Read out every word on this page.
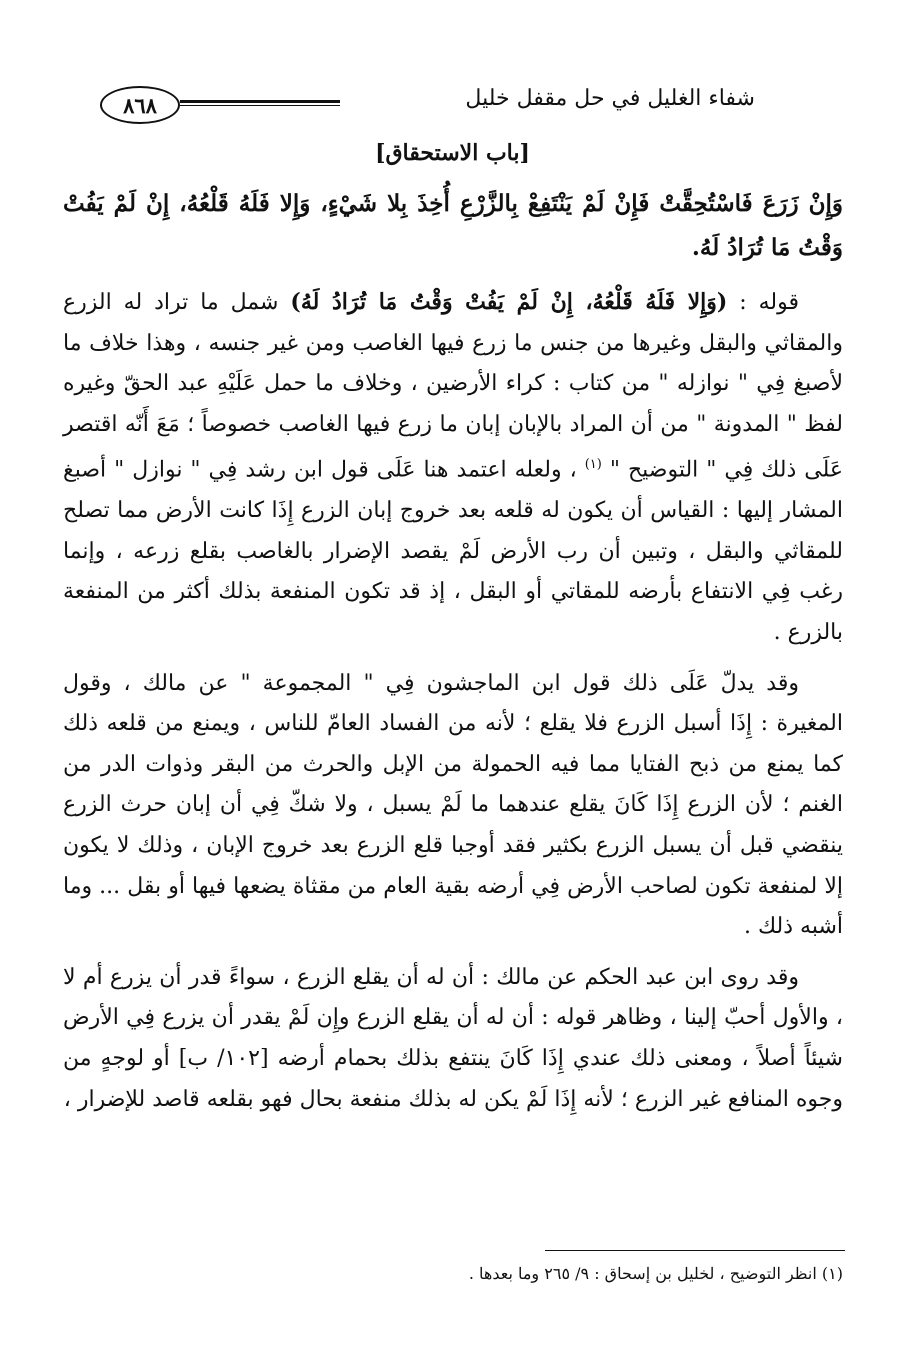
٨٦٨	شفاء الغليل في حل مقفل خليل
[باب الاستحقاق]
وَإِنْ زَرَعَ فَاسْتُحِقَّتْ فَإِنْ لَمْ يَنْتَفِعْ بِالزَّرْعِ أُخِذَ بِلا شَيْءٍ، وَإِلا فَلَهُ قَلْعُهُ، إِنْ لَمْ يَفُتْ وَقْتُ مَا تُرَادُ لَهُ.

قوله : (وَإِلا فَلَهُ قَلْعُهُ، إِنْ لَمْ يَفُتْ وَقْتُ مَا تُرَادُ لَهُ) شمل ما تراد له الزرع والمقاثي والبقل وغيرها من جنس ما زرع فيها الغاصب ومن غير جنسه ، وهذا خلاف ما لأصبغ فِي " نوازله " من كتاب : كراء الأرضين ، وخلاف ما حمل عَلَيْهِ عبد الحقّ وغيره لفظ " المدونة " من أن المراد بالإبان إبان ما زرع فيها الغاصب خصوصاً ؛ مَعَ أَنّه اقتصر عَلَى ذلك فِي " التوضيح " $^{(١)}$ ، ولعله اعتمد هنا عَلَى قول ابن رشد فِي " نوازل " أصبغ المشار إليها : القياس أن يكون له قلعه بعد خروج إبان الزرع إِذَا كانت الأرض مما تصلح للمقاثي والبقل ، وتبين أن رب الأرض لَمْ يقصد الإضرار بالغاصب بقلع زرعه ، وإنما رغب فِي الانتفاع بأرضه للمقاتي أو البقل ، إذ قد تكون المنفعة بذلك أكثر من المنفعة بالزرع .

وقد يدلّ عَلَى ذلك قول ابن الماجشون فِي " المجموعة " عن مالك ، وقول المغيرة : إِذَا أسبل الزرع فلا يقلع ؛ لأنه من الفساد العامّ للناس ، ويمنع من قلعه ذلك كما يمنع من ذبح الفتايا مما فيه الحمولة من الإبل والحرث من البقر وذوات الدر من الغنم ؛ لأن الزرع إِذَا كَانَ يقلع عندهما ما لَمْ يسبل ، ولا شكّ فِي أن إبان حرث الزرع ينقضي قبل أن يسبل الزرع بكثير فقد أوجبا قلع الزرع بعد خروج الإبان ، وذلك لا يكون إلا لمنفعة تكون لصاحب الأرض فِي أرضه بقية العام من مقثاة يضعها فيها أو بقل ... وما أشبه ذلك .

وقد روى ابن عبد الحكم عن مالك : أن له أن يقلع الزرع ، سواءً قدر أن يزرع أم لا ، والأول أحبّ إلينا ، وظاهر قوله : أن له أن يقلع الزرع وإِن لَمْ يقدر أن يزرع فِي الأرض شيئاً أصلاً ، ومعنى ذلك عندي إِذَا كَانَ ينتفع بذلك بحمام أرضه [١٠٢/ ب] أو لوجهٍ من وجوه المنافع غير الزرع ؛ لأنه إِذَا لَمْ يكن له بذلك منفعة بحال فهو بقلعه قاصد للإضرار ،

(١) انظر التوضيح ، لخليل بن إسحاق : ٩/ ٢٦٥ وما بعدها .
